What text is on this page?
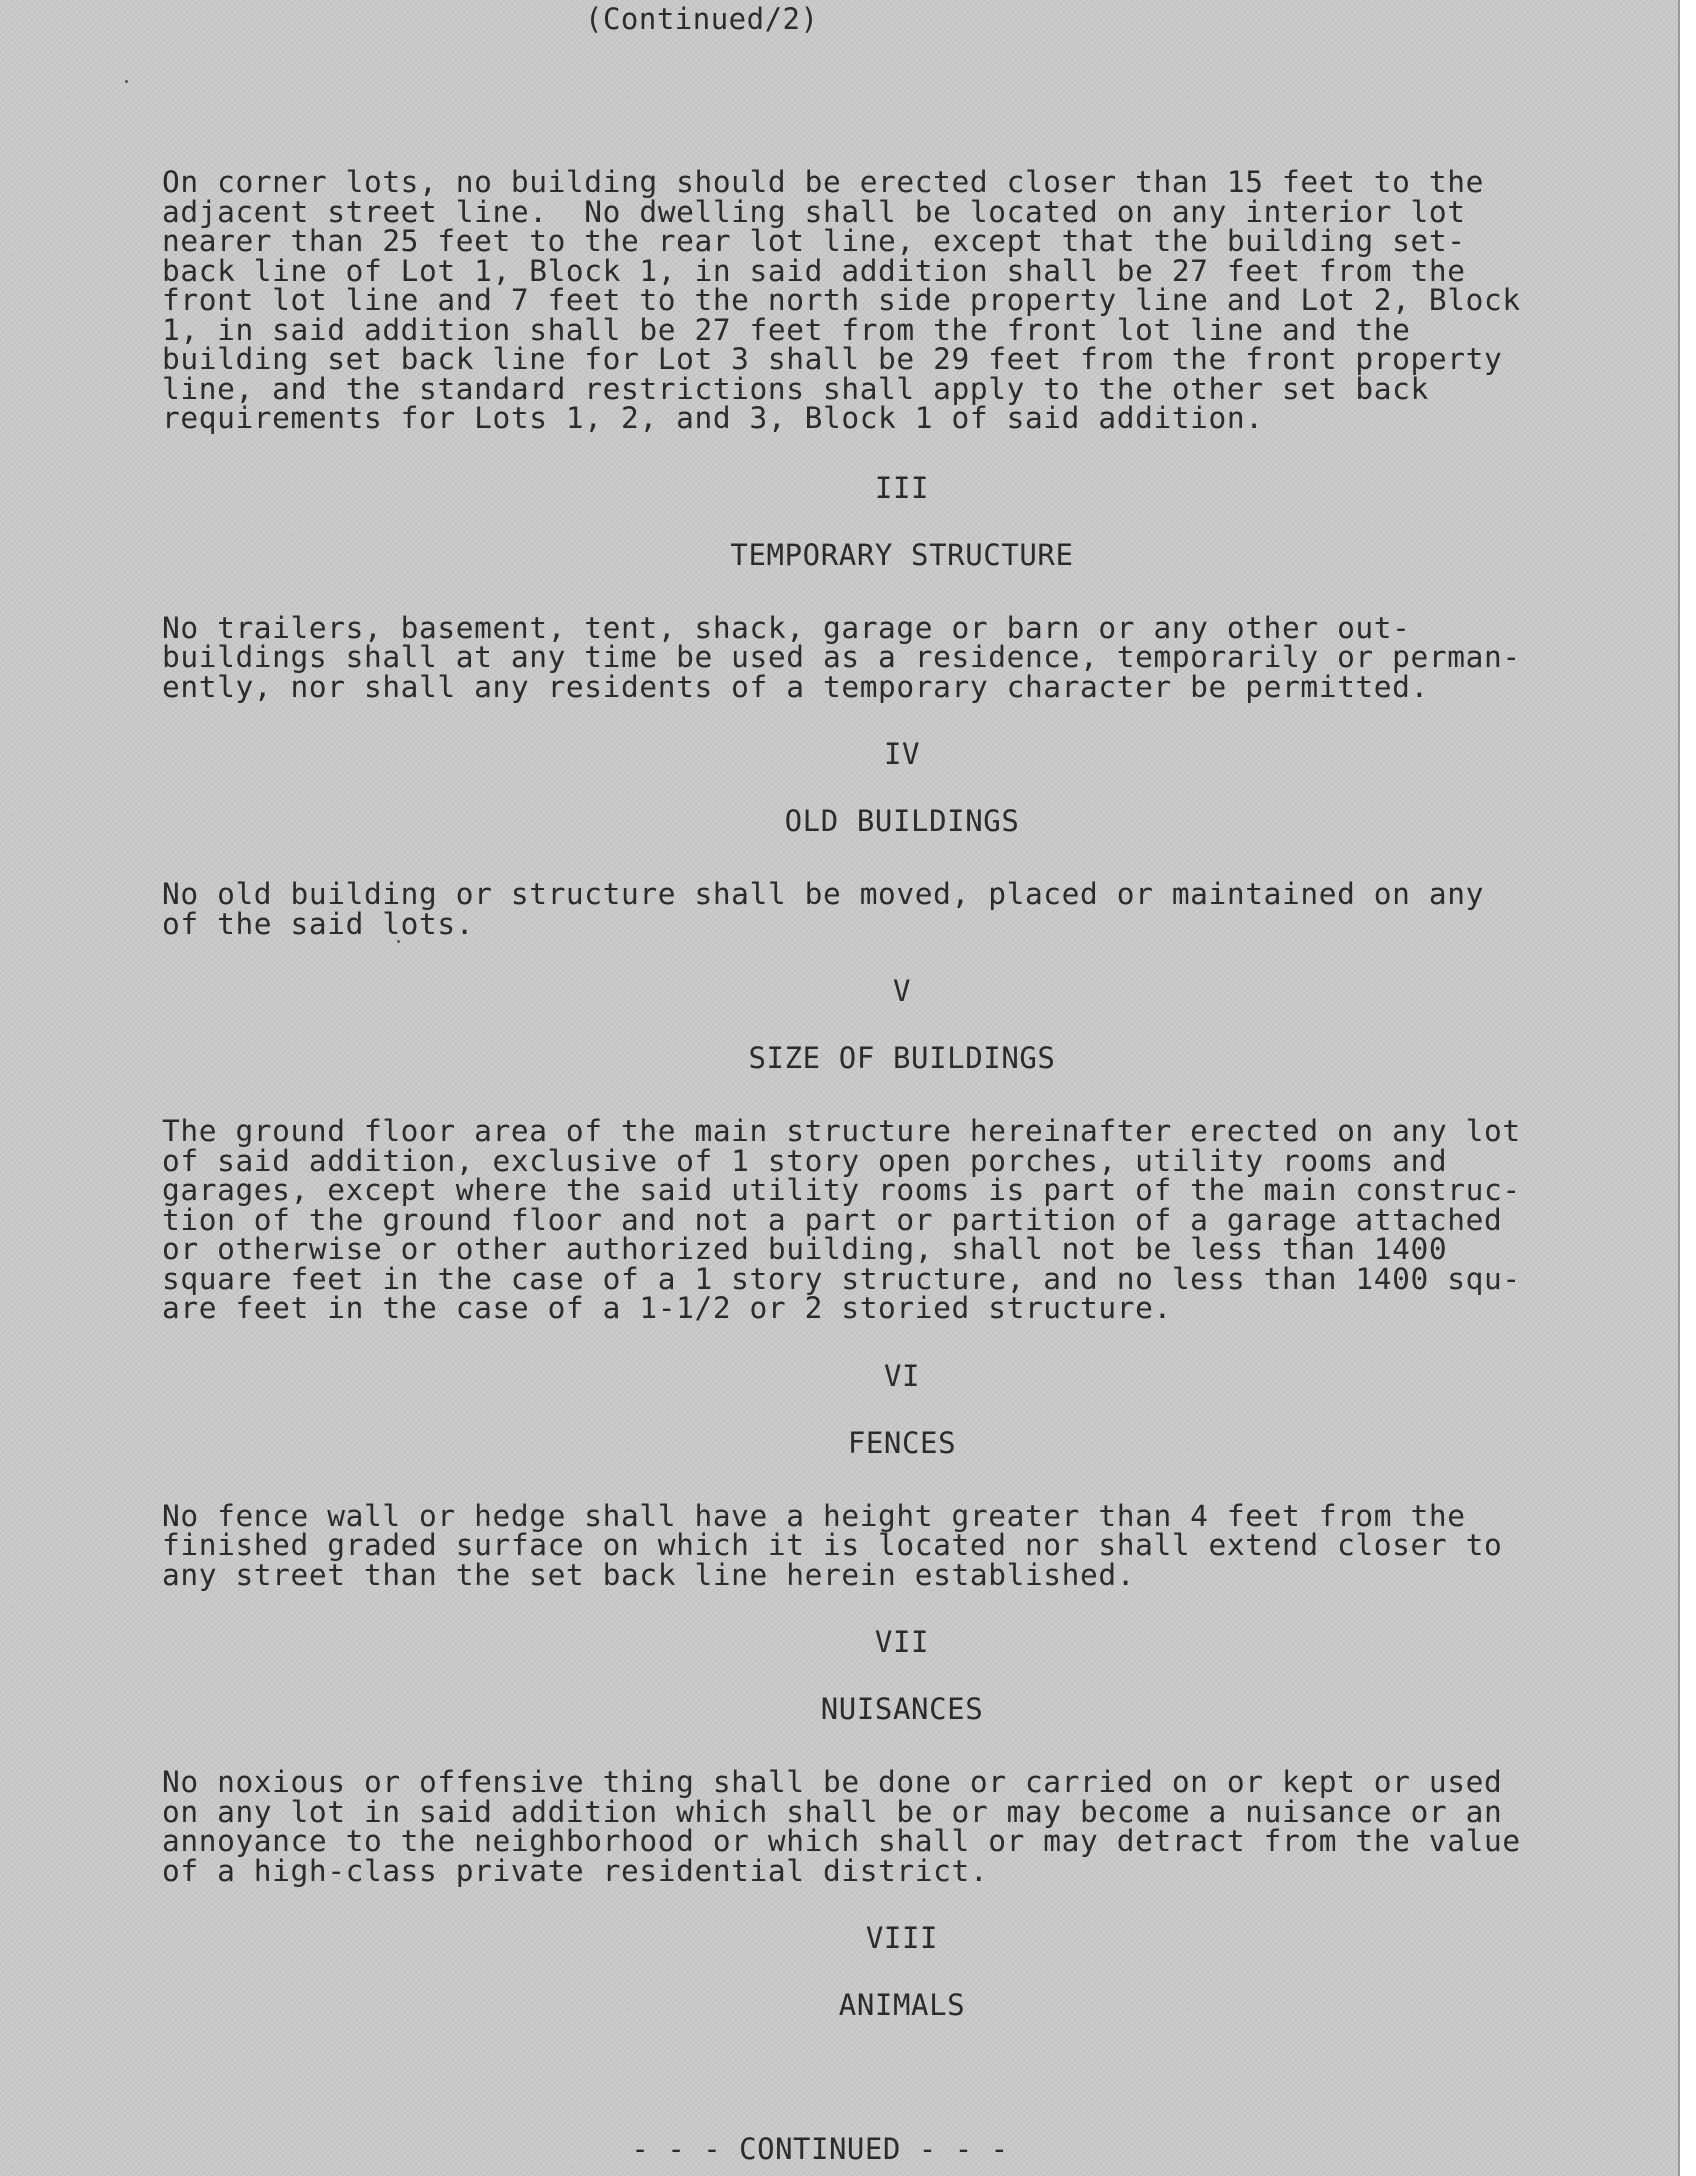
(Continued/2)

On corner lots, no building should be erected closer than 15 feet to the
adjacent street line.  No dwelling shall be located on any interior lot
nearer than 25 feet to the rear lot line, except that the building set-
back line of Lot 1, Block 1, in said addition shall be 27 feet from the
front lot line and 7 feet to the north side property line and Lot 2, Block
1, in said addition shall be 27 feet from the front lot line and the
building set back line for Lot 3 shall be 29 feet from the front property
line, and the standard restrictions shall apply to the other set back
requirements for Lots 1, 2, and 3, Block 1 of said addition.

III
TEMPORARY STRUCTURE

No trailers, basement, tent, shack, garage or barn or any other out-
buildings shall at any time be used as a residence, temporarily or perman-
ently, nor shall any residents of a temporary character be permitted.

IV
OLD BUILDINGS

No old building or structure shall be moved, placed or maintained on any
of the said lots.

V
SIZE OF BUILDINGS

The ground floor area of the main structure hereinafter erected on any lot
of said addition, exclusive of 1 story open porches, utility rooms and
garages, except where the said utility rooms is part of the main construc-
tion of the ground floor and not a part or partition of a garage attached
or otherwise or other authorized building, shall not be less than 1400
square feet in the case of a 1 story structure, and no less than 1400 squ-
are feet in the case of a 1-1/2 or 2 storied structure.

VI
FENCES

No fence wall or hedge shall have a height greater than 4 feet from the
finished graded surface on which it is located nor shall extend closer to
any street than the set back line herein established.

VII
NUISANCES

No noxious or offensive thing shall be done or carried on or kept or used
on any lot in said addition which shall be or may become a nuisance or an
annoyance to the neighborhood or which shall or may detract from the value
of a high-class private residential district.

VIII
ANIMALS
- - - CONTINUED - - -
